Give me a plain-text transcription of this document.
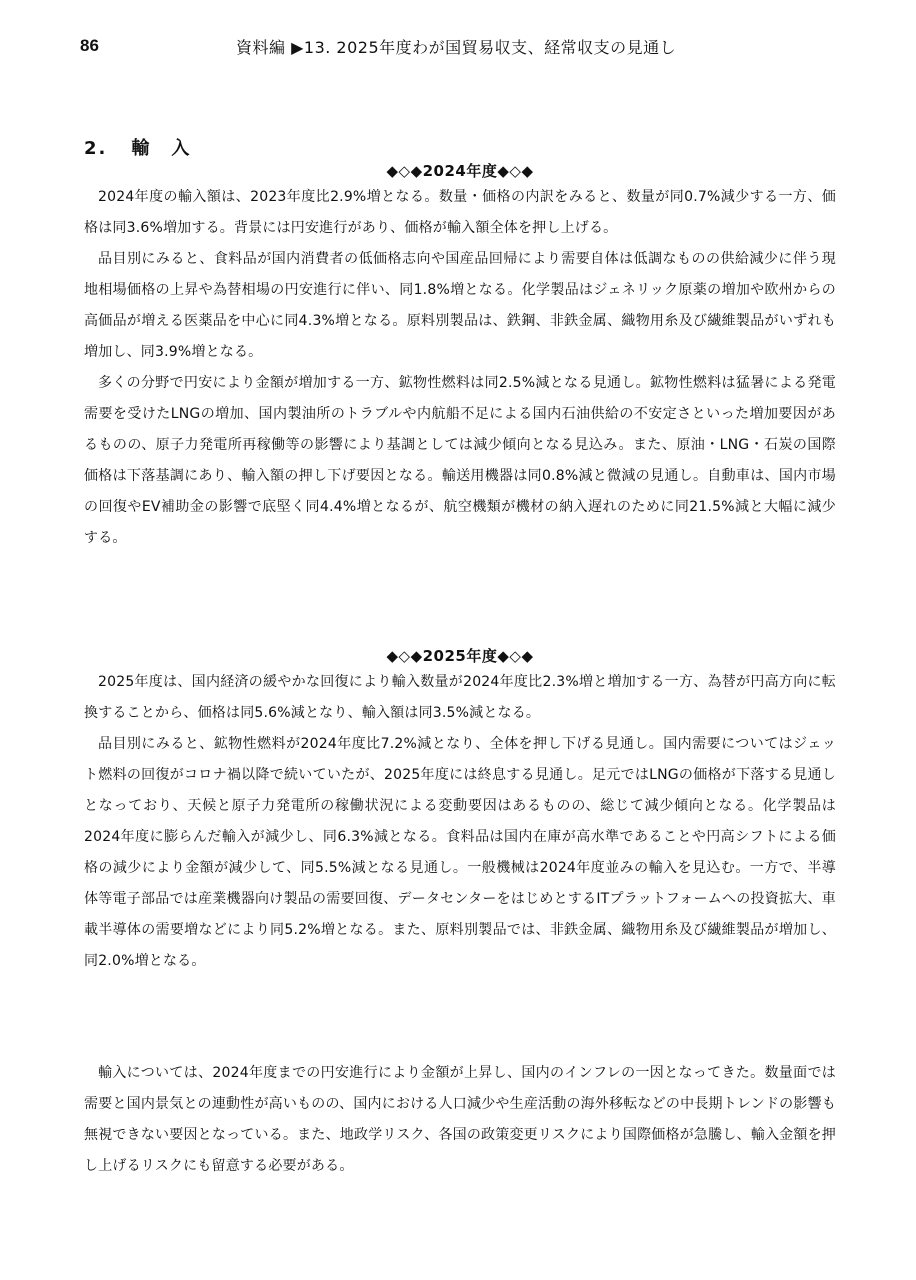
86	資料編 ▶13. 2025年度わが国貿易収支、経常収支の見通し
2. 輸　入
◆◇◆2024年度◆◇◆

2024年度の輸入額は、2023年度比2.9%増となる。数量・価格の内訳をみると、数量が同0.7%減少する一方、価格は同3.6%増加する。背景には円安進行があり、価格が輸入額全体を押し上げる。

品目別にみると、食料品が国内消費者の低価格志向や国産品回帰により需要自体は低調なものの供給減少に伴う現地相場価格の上昇や為替相場の円安進行に伴い、同1.8%増となる。化学製品はジェネリック原薬の増加や欧州からの高価品が増える医薬品を中心に同4.3%増となる。原料別製品は、鉄鋼、非鉄金属、織物用糸及び繊維製品がいずれも増加し、同3.9%増となる。

多くの分野で円安により金額が増加する一方、鉱物性燃料は同2.5%減となる見通し。鉱物性燃料は猛暑による発電需要を受けたLNGの増加、国内製油所のトラブルや内航船不足による国内石油供給の不安定さといった増加要因があるものの、原子力発電所再稼働等の影響により基調としては減少傾向となる見込み。また、原油・LNG・石炭の国際価格は下落基調にあり、輸入額の押し下げ要因となる。輸送用機器は同0.8%減と微減の見通し。自動車は、国内市場の回復やEV補助金の影響で底堅く同4.4%増となるが、航空機類が機材の納入遅れのために同21.5%減と大幅に減少する。

◆◇◆2025年度◆◇◆

2025年度は、国内経済の緩やかな回復により輸入数量が2024年度比2.3%増と増加する一方、為替が円高方向に転換することから、価格は同5.6%減となり、輸入額は同3.5%減となる。

品目別にみると、鉱物性燃料が2024年度比7.2%減となり、全体を押し下げる見通し。国内需要についてはジェット燃料の回復がコロナ禍以降で続いていたが、2025年度には終息する見通し。足元ではLNGの価格が下落する見通しとなっており、天候と原子力発電所の稼働状況による変動要因はあるものの、総じて減少傾向となる。化学製品は2024年度に膨らんだ輸入が減少し、同6.3%減となる。食料品は国内在庫が高水準であることや円高シフトによる価格の減少により金額が減少して、同5.5%減となる見通し。一般機械は2024年度並みの輸入を見込む。一方で、半導体等電子部品では産業機器向け製品の需要回復、データセンターをはじめとするITプラットフォームへの投資拡大、車載半導体の需要増などにより同5.2%増となる。また、原料別製品では、非鉄金属、織物用糸及び繊維製品が増加し、同2.0%増となる。

輸入については、2024年度までの円安進行により金額が上昇し、国内のインフレの一因となってきた。数量面では需要と国内景気との連動性が高いものの、国内における人口減少や生産活動の海外移転などの中長期トレンドの影響も無視できない要因となっている。また、地政学リスク、各国の政策変更リスクにより国際価格が急騰し、輸入金額を押し上げるリスクにも留意する必要がある。
